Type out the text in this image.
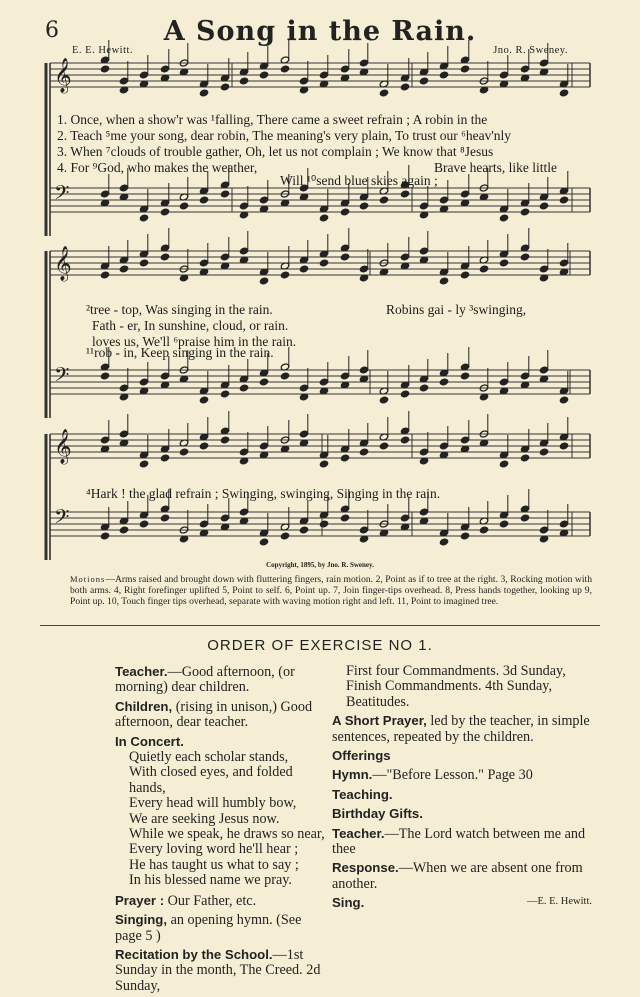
6	A Song in the Rain.
E. E. Hewitt.	Jno. R. Sweney.
𝄞
𝄢
𝄞
𝄢
𝄞
𝄢
1. Once, when a show'r was ¹falling, There came a sweet refrain ; A robin in the
2. Teach ⁵me your song, dear robin, The meaning's very plain, To trust our ⁶heav'nly
3. When ⁷clouds of trouble gather, Oh, let us not complain ; We know that ⁸Jesus
4. For ⁹God, who makes the weather,	Brave hearts, like little
Will ¹⁰send blue skies again ;
²tree - top, Was singing in the rain.
Fath - er, In sunshine, cloud, or rain.
loves us, We'll ⁶praise him in the rain.
¹¹rob - in, Keep singing in the rain.
Robins gai - ly ³swinging,
⁴Hark ! the glad refrain ; Swinging, swinging, Singing in the rain.
Copyright, 1895, by Jno. R. Sweney.
Motions—Arms raised and brought down with fluttering fingers, rain motion. 2, Point as if to tree at the right. 3, Rocking motion with both arms. 4, Right forefinger uplifted 5, Point to self. 6, Point up. 7, Join finger-tips overhead. 8, Press hands together, looking up 9, Point up. 10, Touch finger tips overhead, separate with waving motion right and left. 11, Point to imagined tree.
ORDER OF EXERCISE NO 1.

Teacher.—Good afternoon, (or morning) dear children.

Children, (rising in unison,) Good afternoon, dear teacher.

In Concert.

Quietly each scholar stands,

With closed eyes, and folded hands,

Every head will humbly bow,

We are seeking Jesus now.

While we speak, he draws so near,

Every loving word he'll hear ;

He has taught us what to say ;

In his blessed name we pray.

Prayer : Our Father, etc.

Singing, an opening hymn. (See page 5 )

Recitation by the School.—1st Sunday in the month, The Creed. 2d Sunday,

First four Commandments. 3d Sunday, Finish Commandments. 4th Sunday, Beatitudes.

A Short Prayer, led by the teacher, in simple sentences, repeated by the children.

Offerings

Hymn.—"Before Lesson." Page 30

Teaching.

Birthday Gifts.

Teacher.—The Lord watch between me and thee

Response.—When we are absent one from another.

Sing.	—E. E. Hewitt.
